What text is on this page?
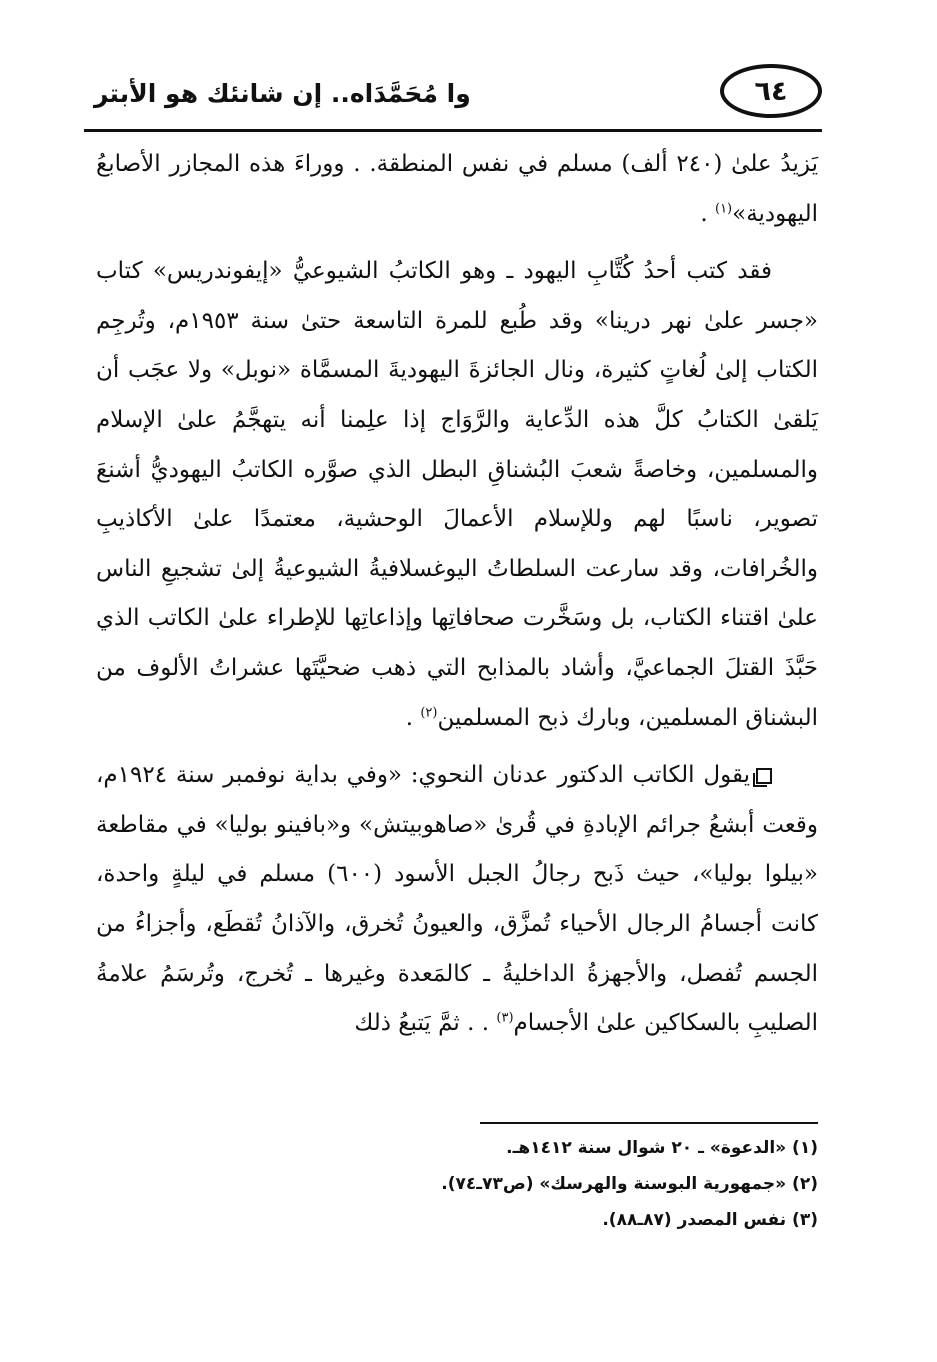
٦٤
وا مُحَمَّدَاه.. إن شانئك هو الأبتر

يَزيدُ علىٰ (٢٤٠ ألف) مسلم في نفس المنطقة. . ووراءَ هذه المجازر الأصابعُ اليهودية»$^{(١)}$ .

فقد كتب أحدُ كُتَّابِ اليهود ـ وهو الكاتبُ الشيوعيُّ «إيفوندريس» كتاب «جسر علىٰ نهر درينا» وقد طُبع للمرة التاسعة حتىٰ سنة ١٩٥٣م، وتُرجِم الكتاب إلىٰ لُغاتٍ كثيرة، ونال الجائزةَ اليهوديةَ المسمَّاة «نوبل» ولا عجَب أن يَلقىٰ الكتابُ كلَّ هذه الدِّعاية والرَّوَاج إذا علِمنا أنه يتهجَّمُ علىٰ الإسلام والمسلمين، وخاصةً شعبَ البُشناقِ البطل الذي صوَّره الكاتبُ اليهوديُّ أشنعَ تصوير، ناسبًا لهم وللإسلام الأعمالَ الوحشية، معتمدًا علىٰ الأكاذيبِ والخُرافات، وقد سارعت السلطاتُ اليوغسلافيةُ الشيوعيةُ إلىٰ تشجيعِ الناس علىٰ اقتناء الكتاب، بل وسَخَّرت صحافاتِها وإذاعاتِها للإطراء علىٰ الكاتب الذي حَبَّذَ القتلَ الجماعيَّ، وأشاد بالمذابح التي ذهب ضحيَّتَها عشراتُ الألوف من البشناق المسلمين، وبارك ذبح المسلمين$^{(٢)}$ .

يقول الكاتب الدكتور عدنان النحوي: «وفي بداية نوفمبر سنة ١٩٢٤م، وقعت أبشعُ جرائم الإبادةِ في قُرىٰ «صاهوبيتش» و«بافينو بوليا» في مقاطعة «بيلوا بوليا»، حيث ذَبح رجالُ الجبل الأسود (٦٠٠) مسلم في ليلةٍ واحدة، كانت أجسامُ الرجال الأحياء تُمزَّق، والعيونُ تُخرق، والآذانُ تُقطَع، وأجزاءُ من الجسم تُفصل، والأجهزةُ الداخليةُ ـ كالمَعدة وغيرها ـ تُخرج، وتُرسَمُ علامةُ الصليبِ بالسكاكين علىٰ الأجسام$^{(٣)}$ . . ثمَّ يَتبعُ ذلك

(١) «الدعوة» ـ ٢٠ شوال سنة ١٤١٢هـ.
(٢) «جمهورية البوسنة والهرسك» (ص٧٣ـ٧٤).
(٣) نفس المصدر (٨٧ـ٨٨).
